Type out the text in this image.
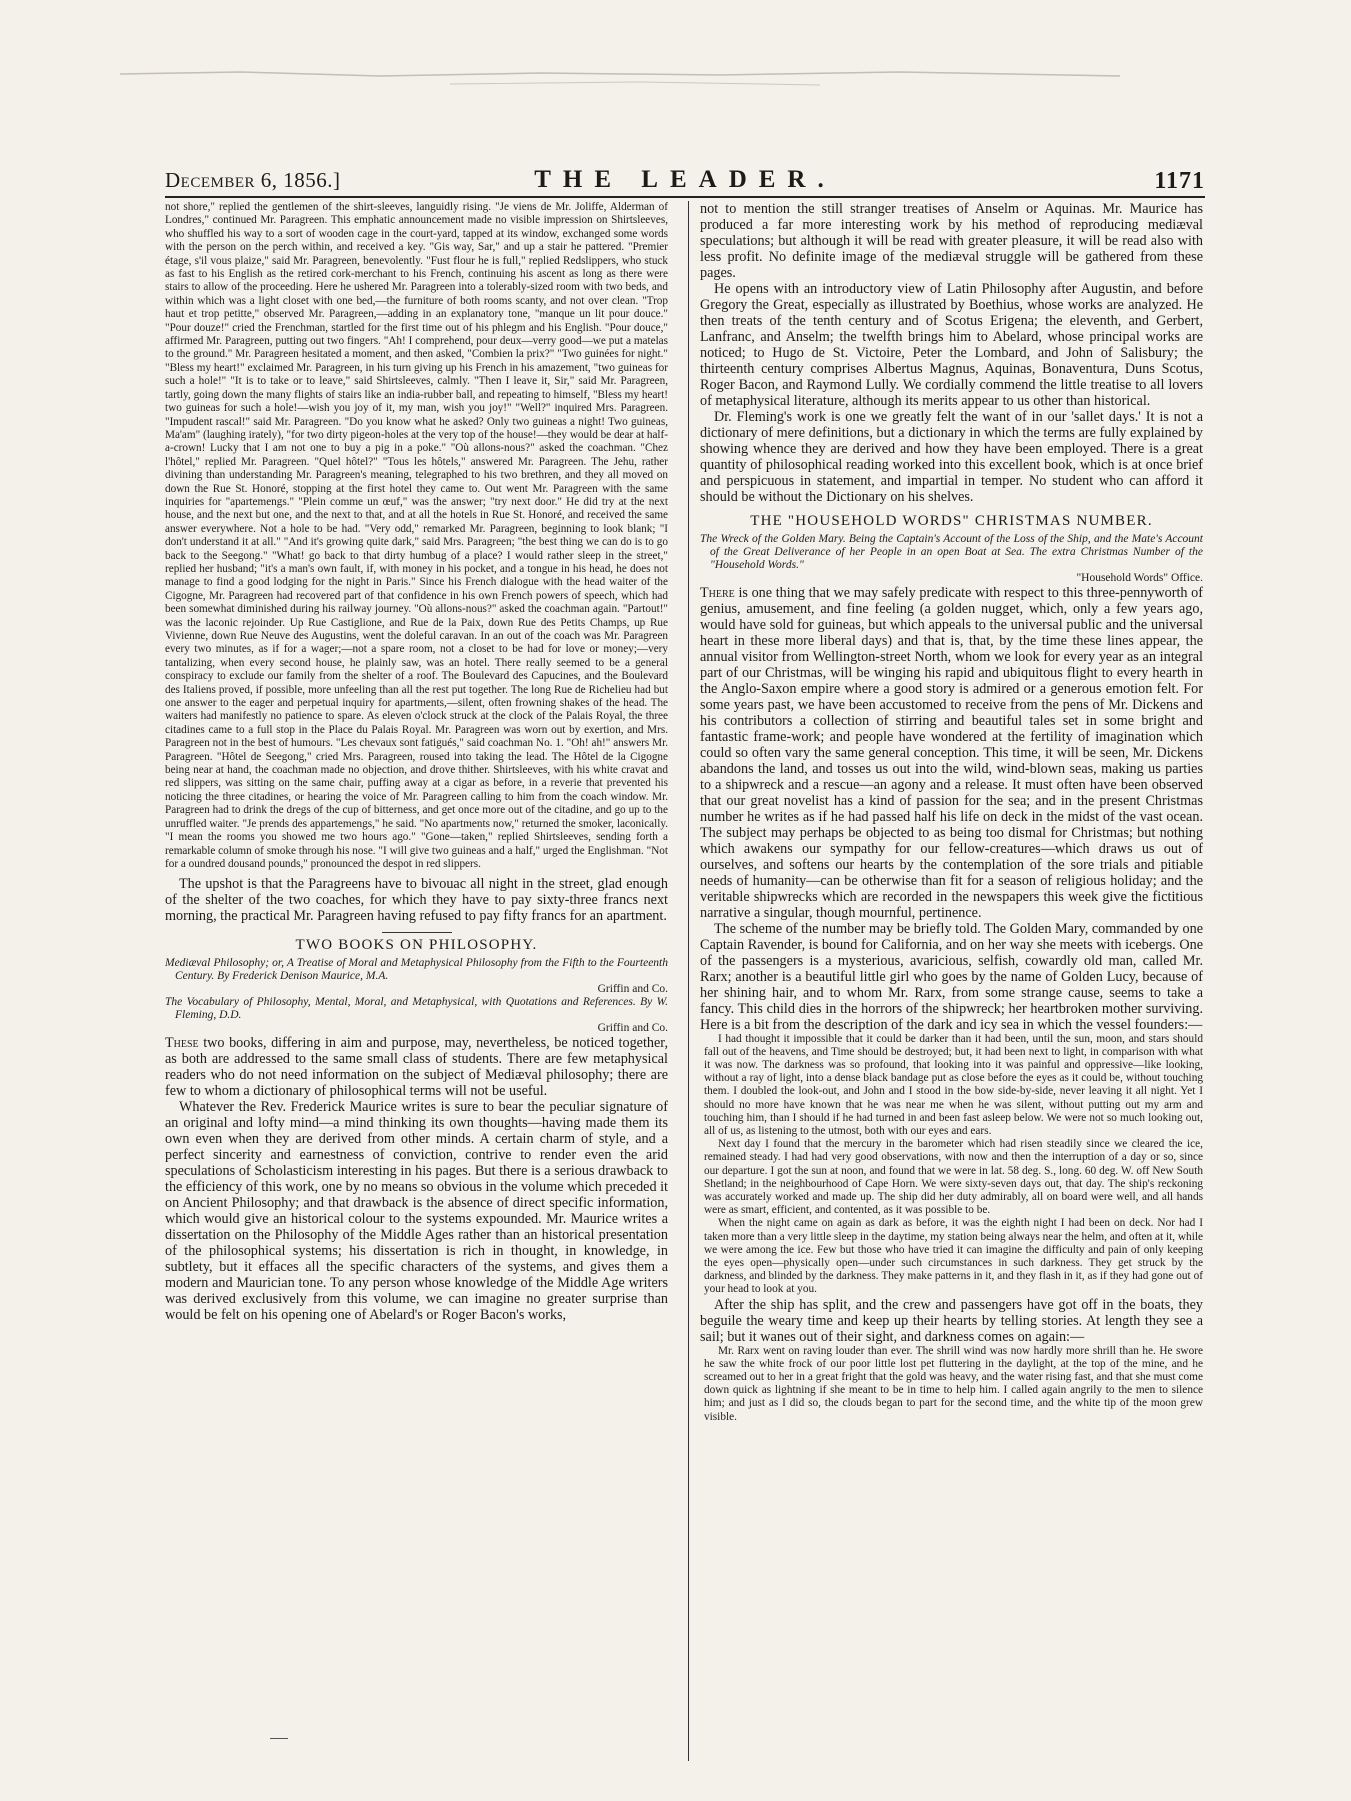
December 6, 1856.]	THE LEADER.	1171

not shore," replied the gentlemen of the shirt-sleeves, languidly rising. "Je viens de Mr. Joliffe, Alderman of Londres," continued Mr. Paragreen. This emphatic announcement made no visible impression on Shirtsleeves, who shuffled his way to a sort of wooden cage in the court-yard, tapped at its window, exchanged some words with the person on the perch within, and received a key. "Gis way, Sar," and up a stair he pattered. "Premier étage, s'il vous plaize," said Mr. Paragreen, benevolently. "Fust flour he is full," replied Redslippers, who stuck as fast to his English as the retired cork-merchant to his French, continuing his ascent as long as there were stairs to allow of the proceeding. Here he ushered Mr. Paragreen into a tolerably-sized room with two beds, and within which was a light closet with one bed,—the furniture of both rooms scanty, and not over clean. "Trop haut et trop petitte," observed Mr. Paragreen,—adding in an explanatory tone, "manque un lit pour douce." "Pour douze!" cried the Frenchman, startled for the first time out of his phlegm and his English. "Pour douce," affirmed Mr. Paragreen, putting out two fingers. "Ah! I comprehend, pour deux—verry good—we put a matelas to the ground." Mr. Paragreen hesitated a moment, and then asked, "Combien la prix?" "Two guinées for night." "Bless my heart!" exclaimed Mr. Paragreen, in his turn giving up his French in his amazement, "two guineas for such a hole!" "It is to take or to leave," said Shirtsleeves, calmly. "Then I leave it, Sir," said Mr. Paragreen, tartly, going down the many flights of stairs like an india-rubber ball, and repeating to himself, "Bless my heart! two guineas for such a hole!—wish you joy of it, my man, wish you joy!" "Well?" inquired Mrs. Paragreen. "Impudent rascal!" said Mr. Paragreen. "Do you know what he asked? Only two guineas a night! Two guineas, Ma'am" (laughing irately), "for two dirty pigeon-holes at the very top of the house!—they would be dear at half-a-crown! Lucky that I am not one to buy a pig in a poke." "Où allons-nous?" asked the coachman. "Chez l'hôtel," replied Mr. Paragreen. "Quel hôtel?" "Tous les hôtels," answered Mr. Paragreen. The Jehu, rather divining than understanding Mr. Paragreen's meaning, telegraphed to his two brethren, and they all moved on down the Rue St. Honoré, stopping at the first hotel they came to. Out went Mr. Paragreen with the same inquiries for "apartemengs." "Plein comme un œuf," was the answer; "try next door." He did try at the next house, and the next but one, and the next to that, and at all the hotels in Rue St. Honoré, and received the same answer everywhere. Not a hole to be had. "Very odd," remarked Mr. Paragreen, beginning to look blank; "I don't understand it at all." "And it's growing quite dark," said Mrs. Paragreen; "the best thing we can do is to go back to the Seegong." "What! go back to that dirty humbug of a place? I would rather sleep in the street," replied her husband; "it's a man's own fault, if, with money in his pocket, and a tongue in his head, he does not manage to find a good lodging for the night in Paris." Since his French dialogue with the head waiter of the Cigogne, Mr. Paragreen had recovered part of that confidence in his own French powers of speech, which had been somewhat diminished during his railway journey. "Où allons-nous?" asked the coachman again. "Partout!" was the laconic rejoinder. Up Rue Castiglione, and Rue de la Paix, down Rue des Petits Champs, up Rue Vivienne, down Rue Neuve des Augustins, went the doleful caravan. In an out of the coach was Mr. Paragreen every two minutes, as if for a wager;—not a spare room, not a closet to be had for love or money;—very tantalizing, when every second house, he plainly saw, was an hotel. There really seemed to be a general conspiracy to exclude our family from the shelter of a roof. The Boulevard des Capucines, and the Boulevard des Italiens proved, if possible, more unfeeling than all the rest put together. The long Rue de Richelieu had but one answer to the eager and perpetual inquiry for apartments,—silent, often frowning shakes of the head. The waiters had manifestly no patience to spare. As eleven o'clock struck at the clock of the Palais Royal, the three citadines came to a full stop in the Place du Palais Royal. Mr. Paragreen was worn out by exertion, and Mrs. Paragreen not in the best of humours. "Les chevaux sont fatigués," said coachman No. 1. "Oh! ah!" answers Mr. Paragreen. "Hôtel de Seegong," cried Mrs. Paragreen, roused into taking the lead. The Hôtel de la Cigogne being near at hand, the coachman made no objection, and drove thither. Shirtsleeves, with his white cravat and red slippers, was sitting on the same chair, puffing away at a cigar as before, in a reverie that prevented his noticing the three citadines, or hearing the voice of Mr. Paragreen calling to him from the coach window. Mr. Paragreen had to drink the dregs of the cup of bitterness, and get once more out of the citadine, and go up to the unruffled waiter. "Je prends des appartemengs," he said. "No apartments now," returned the smoker, laconically. "I mean the rooms you showed me two hours ago." "Gone—taken," replied Shirtsleeves, sending forth a remarkable column of smoke through his nose. "I will give two guineas and a half," urged the Englishman. "Not for a oundred dousand pounds," pronounced the despot in red slippers.

The upshot is that the Paragreens have to bivouac all night in the street, glad enough of the shelter of the two coaches, for which they have to pay sixty-three francs next morning, the practical Mr. Paragreen having refused to pay fifty francs for an apartment.

TWO BOOKS ON PHILOSOPHY.
Mediæval Philosophy; or, A Treatise of Moral and Metaphysical Philosophy from the Fifth to the Fourteenth Century. By Frederick Denison Maurice, M.A.
Griffin and Co.
The Vocabulary of Philosophy, Mental, Moral, and Metaphysical, with Quotations and References. By W. Fleming, D.D.
Griffin and Co.

These two books, differing in aim and purpose, may, nevertheless, be noticed together, as both are addressed to the same small class of students. There are few metaphysical readers who do not need information on the subject of Mediæval philosophy; there are few to whom a dictionary of philosophical terms will not be useful.

Whatever the Rev. Frederick Maurice writes is sure to bear the peculiar signature of an original and lofty mind—a mind thinking its own thoughts—having made them its own even when they are derived from other minds. A certain charm of style, and a perfect sincerity and earnestness of conviction, contrive to render even the arid speculations of Scholasticism interesting in his pages. But there is a serious drawback to the efficiency of this work, one by no means so obvious in the volume which preceded it on Ancient Philosophy; and that drawback is the absence of direct specific information, which would give an historical colour to the systems expounded. Mr. Maurice writes a dissertation on the Philosophy of the Middle Ages rather than an historical presentation of the philosophical systems; his dissertation is rich in thought, in knowledge, in subtlety, but it effaces all the specific characters of the systems, and gives them a modern and Maurician tone. To any person whose knowledge of the Middle Age writers was derived exclusively from this volume, we can imagine no greater surprise than would be felt on his opening one of Abelard's or Roger Bacon's works,

not to mention the still stranger treatises of Anselm or Aquinas. Mr. Maurice has produced a far more interesting work by his method of reproducing mediæval speculations; but although it will be read with greater pleasure, it will be read also with less profit. No definite image of the mediæval struggle will be gathered from these pages.

He opens with an introductory view of Latin Philosophy after Augustin, and before Gregory the Great, especially as illustrated by Boethius, whose works are analyzed. He then treats of the tenth century and of Scotus Erigena; the eleventh, and Gerbert, Lanfranc, and Anselm; the twelfth brings him to Abelard, whose principal works are noticed; to Hugo de St. Victoire, Peter the Lombard, and John of Salisbury; the thirteenth century comprises Albertus Magnus, Aquinas, Bonaventura, Duns Scotus, Roger Bacon, and Raymond Lully. We cordially commend the little treatise to all lovers of metaphysical literature, although its merits appear to us other than historical.

Dr. Fleming's work is one we greatly felt the want of in our 'sallet days.' It is not a dictionary of mere definitions, but a dictionary in which the terms are fully explained by showing whence they are derived and how they have been employed. There is a great quantity of philosophical reading worked into this excellent book, which is at once brief and perspicuous in statement, and impartial in temper. No student who can afford it should be without the Dictionary on his shelves.

THE "HOUSEHOLD WORDS" CHRISTMAS NUMBER.
The Wreck of the Golden Mary. Being the Captain's Account of the Loss of the Ship, and the Mate's Account of the Great Deliverance of her People in an open Boat at Sea. The extra Christmas Number of the "Household Words."
"Household Words" Office.

There is one thing that we may safely predicate with respect to this three-pennyworth of genius, amusement, and fine feeling (a golden nugget, which, only a few years ago, would have sold for guineas, but which appeals to the universal public and the universal heart in these more liberal days) and that is, that, by the time these lines appear, the annual visitor from Wellington-street North, whom we look for every year as an integral part of our Christmas, will be winging his rapid and ubiquitous flight to every hearth in the Anglo-Saxon empire where a good story is admired or a generous emotion felt. For some years past, we have been accustomed to receive from the pens of Mr. Dickens and his contributors a collection of stirring and beautiful tales set in some bright and fantastic frame-work; and people have wondered at the fertility of imagination which could so often vary the same general conception. This time, it will be seen, Mr. Dickens abandons the land, and tosses us out into the wild, wind-blown seas, making us parties to a shipwreck and a rescue—an agony and a release. It must often have been observed that our great novelist has a kind of passion for the sea; and in the present Christmas number he writes as if he had passed half his life on deck in the midst of the vast ocean. The subject may perhaps be objected to as being too dismal for Christmas; but nothing which awakens our sympathy for our fellow-creatures—which draws us out of ourselves, and softens our hearts by the contemplation of the sore trials and pitiable needs of humanity—can be otherwise than fit for a season of religious holiday; and the veritable shipwrecks which are recorded in the newspapers this week give the fictitious narrative a singular, though mournful, pertinence.

The scheme of the number may be briefly told. The Golden Mary, commanded by one Captain Ravender, is bound for California, and on her way she meets with icebergs. One of the passengers is a mysterious, avaricious, selfish, cowardly old man, called Mr. Rarx; another is a beautiful little girl who goes by the name of Golden Lucy, because of her shining hair, and to whom Mr. Rarx, from some strange cause, seems to take a fancy. This child dies in the horrors of the shipwreck; her heartbroken mother surviving. Here is a bit from the description of the dark and icy sea in which the vessel founders:—

I had thought it impossible that it could be darker than it had been, until the sun, moon, and stars should fall out of the heavens, and Time should be destroyed; but, it had been next to light, in comparison with what it was now. The darkness was so profound, that looking into it was painful and oppressive—like looking, without a ray of light, into a dense black bandage put as close before the eyes as it could be, without touching them. I doubled the look-out, and John and I stood in the bow side-by-side, never leaving it all night. Yet I should no more have known that he was near me when he was silent, without putting out my arm and touching him, than I should if he had turned in and been fast asleep below. We were not so much looking out, all of us, as listening to the utmost, both with our eyes and ears.

Next day I found that the mercury in the barometer which had risen steadily since we cleared the ice, remained steady. I had had very good observations, with now and then the interruption of a day or so, since our departure. I got the sun at noon, and found that we were in lat. 58 deg. S., long. 60 deg. W. off New South Shetland; in the neighbourhood of Cape Horn. We were sixty-seven days out, that day. The ship's reckoning was accurately worked and made up. The ship did her duty admirably, all on board were well, and all hands were as smart, efficient, and contented, as it was possible to be.

When the night came on again as dark as before, it was the eighth night I had been on deck. Nor had I taken more than a very little sleep in the daytime, my station being always near the helm, and often at it, while we were among the ice. Few but those who have tried it can imagine the difficulty and pain of only keeping the eyes open—physically open—under such circumstances in such darkness. They get struck by the darkness, and blinded by the darkness. They make patterns in it, and they flash in it, as if they had gone out of your head to look at you.

After the ship has split, and the crew and passengers have got off in the boats, they beguile the weary time and keep up their hearts by telling stories. At length they see a sail; but it wanes out of their sight, and darkness comes on again:—

Mr. Rarx went on raving louder than ever. The shrill wind was now hardly more shrill than he. He swore he saw the white frock of our poor little lost pet fluttering in the daylight, at the top of the mine, and he screamed out to her in a great fright that the gold was heavy, and the water rising fast, and that she must come down quick as lightning if she meant to be in time to help him. I called again angrily to the men to silence him; and just as I did so, the clouds began to part for the second time, and the white tip of the moon grew visible.
